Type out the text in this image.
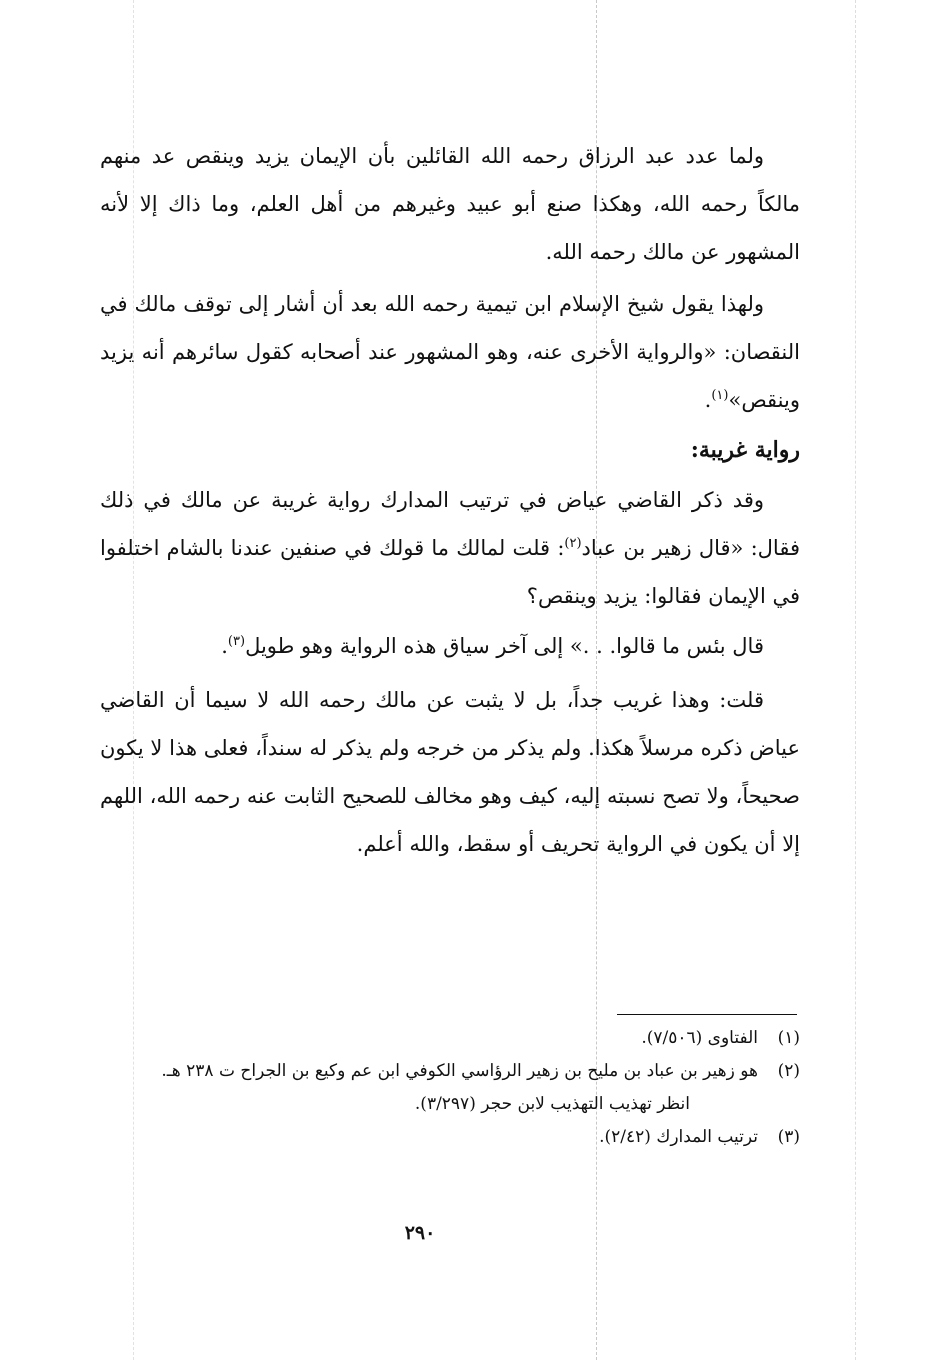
ولما عدد عبد الرزاق رحمه الله القائلين بأن الإيمان يزيد وينقص عد منهم مالكاً رحمه الله، وهكذا صنع أبو عبيد وغيرهم من أهل العلم، وما ذاك إلا لأنه المشهور عن مالك رحمه الله.

ولهذا يقول شيخ الإسلام ابن تيمية رحمه الله بعد أن أشار إلى توقف مالك في النقصان: «والرواية الأخرى عنه، وهو المشهور عند أصحابه كقول سائرهم أنه يزيد وينقص»$^{(١)}$.

رواية غريبة:

وقد ذكر القاضي عياض في ترتيب المدارك رواية غريبة عن مالك في ذلك فقال: «قال زهير بن عباد$^{(٢)}$: قلت لمالك ما قولك في صنفين عندنا بالشام اختلفوا في الإيمان فقالوا: يزيد وينقص؟

قال بئس ما قالوا. . .» إلى آخر سياق هذه الرواية وهو طويل$^{(٣)}$.

قلت: وهذا غريب جداً، بل لا يثبت عن مالك رحمه الله لا سيما أن القاضي عياض ذكره مرسلاً هكذا. ولم يذكر من خرجه ولم يذكر له سنداً، فعلى هذا لا يكون صحيحاً، ولا تصح نسبته إليه، كيف وهو مخالف للصحيح الثابت عنه رحمه الله، اللهم إلا أن يكون في الرواية تحريف أو سقط، والله أعلم.

(١)
الفتاوى (٧/٥٠٦).
(٢)
هو زهير بن عباد بن مليح بن زهير الرؤاسي الكوفي ابن عم وكيع بن الجراح ت ٢٣٨ هـ.
انظر تهذيب التهذيب لابن حجر (٣/٢٩٧).
(٣)
ترتيب المدارك (٢/٤٢).
٢٩٠
